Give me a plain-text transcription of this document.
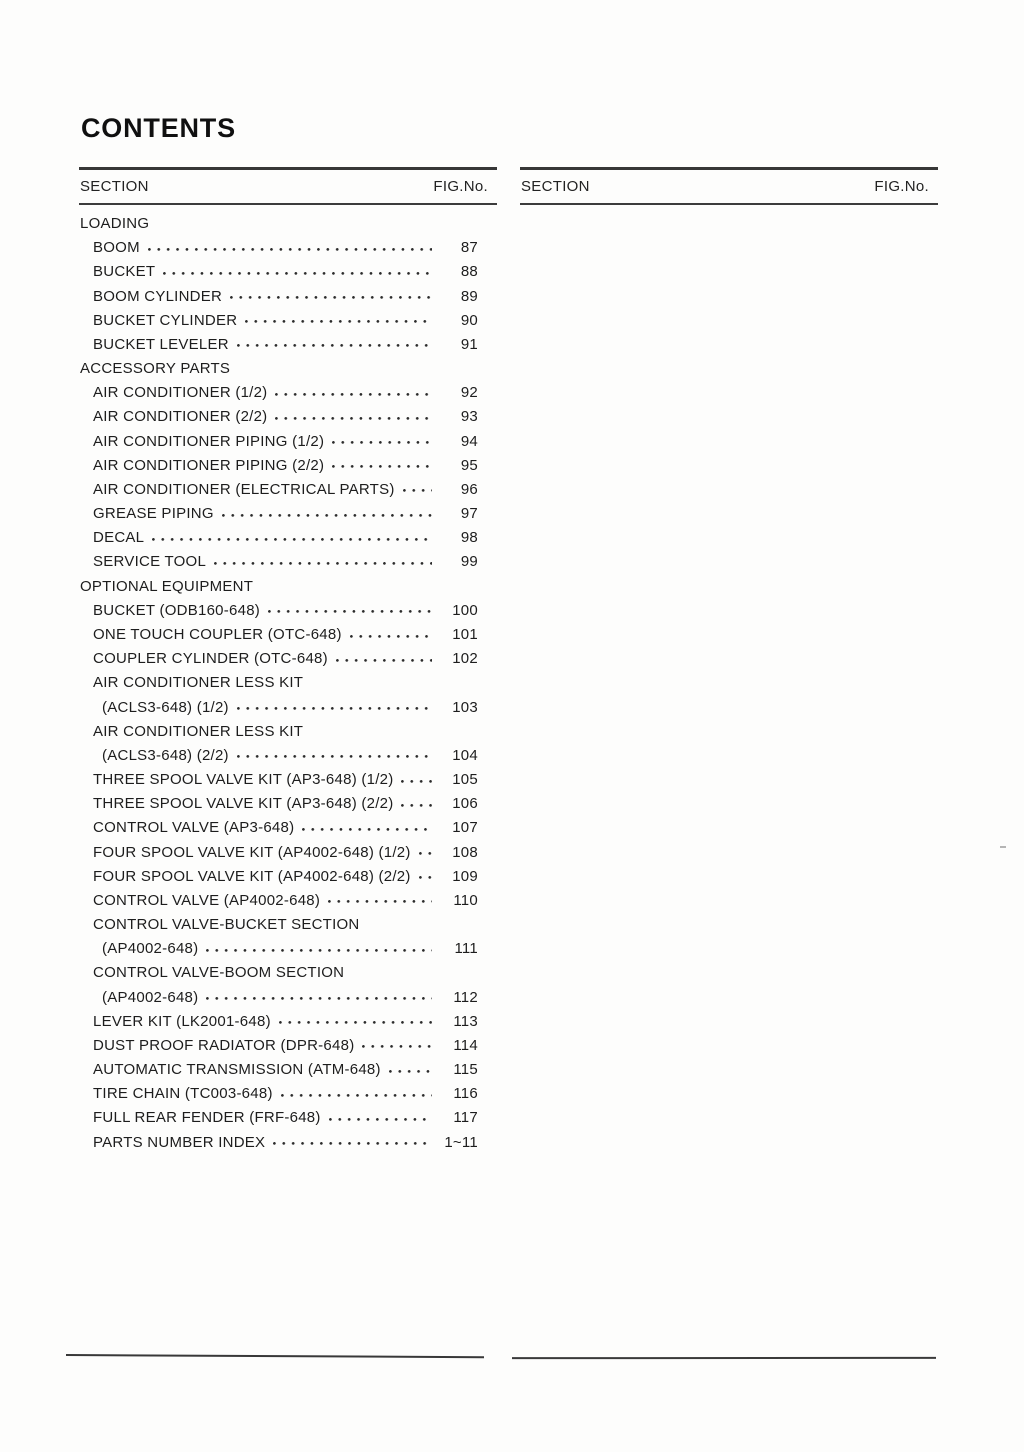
CONTENTS
SECTION	FIG.No.
LOADING
BOOM	87
BUCKET	88
BOOM CYLINDER	89
BUCKET CYLINDER	90
BUCKET LEVELER	91
ACCESSORY PARTS
AIR CONDITIONER (1/2)	92
AIR CONDITIONER (2/2)	93
AIR CONDITIONER PIPING (1/2)	94
AIR CONDITIONER PIPING (2/2)	95
AIR CONDITIONER (ELECTRICAL PARTS)	96
GREASE PIPING	97
DECAL	98
SERVICE TOOL	99
OPTIONAL EQUIPMENT
BUCKET (ODB160-648)	100
ONE TOUCH COUPLER (OTC-648)	101
COUPLER CYLINDER (OTC-648)	102
AIR CONDITIONER LESS KIT
(ACLS3-648) (1/2)	103
AIR CONDITIONER LESS KIT
(ACLS3-648) (2/2)	104
THREE SPOOL VALVE KIT (AP3-648) (1/2)	105
THREE SPOOL VALVE KIT (AP3-648) (2/2)	106
CONTROL VALVE (AP3-648)	107
FOUR SPOOL VALVE KIT (AP4002-648) (1/2)	108
FOUR SPOOL VALVE KIT (AP4002-648) (2/2)	109
CONTROL VALVE (AP4002-648)	110
CONTROL VALVE-BUCKET SECTION
(AP4002-648)	111
CONTROL VALVE-BOOM SECTION
(AP4002-648)	112
LEVER KIT (LK2001-648)	113
DUST PROOF RADIATOR (DPR-648)	114
AUTOMATIC TRANSMISSION (ATM-648)	115
TIRE CHAIN (TC003-648)	116
FULL REAR FENDER (FRF-648)	117
PARTS NUMBER INDEX	1~11
SECTION	FIG.No.
